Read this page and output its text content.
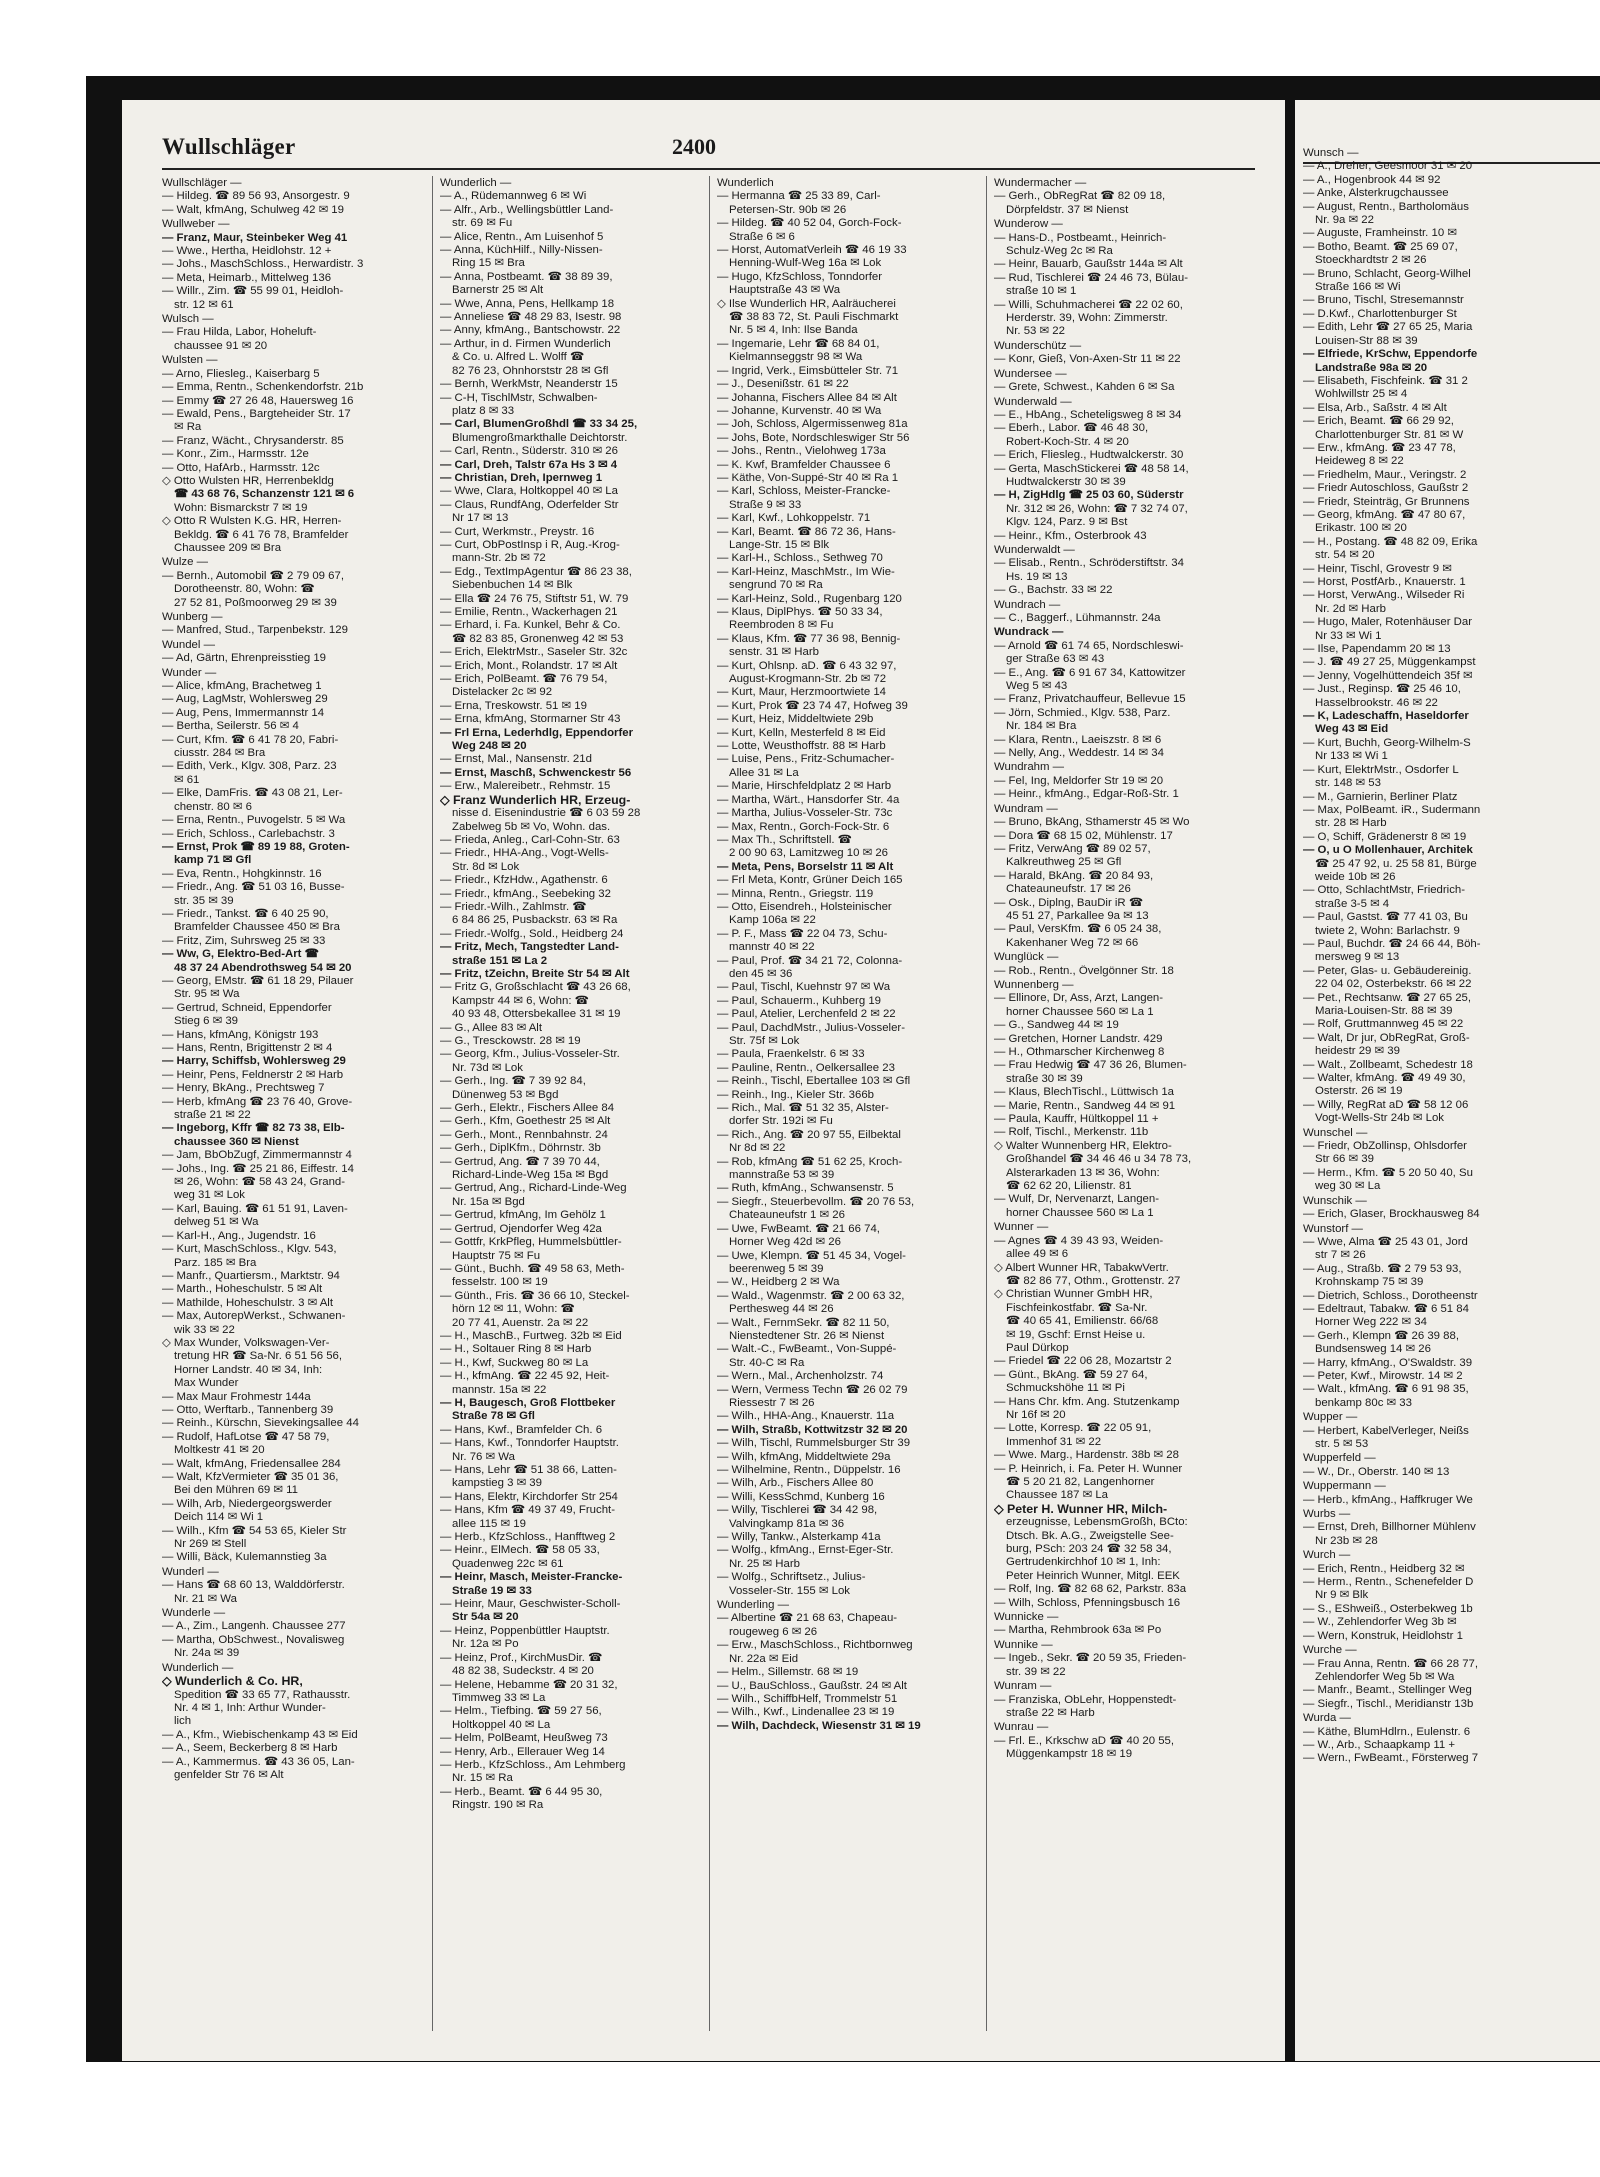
Wullschläger	2400
Wullschläger —
— Hildeg. ☎ 89 56 93, Ansorgestr. 9
— Walt, kfmAng, Schulweg 42 ✉ 19
Wullweber —
— Franz, Maur, Steinbeker Weg 41
— Wwe., Hertha, Heidlohstr. 12 +
— Johs., MaschSchloss., Herwardistr. 3
— Meta, Heimarb., Mittelweg 136
— Willr., Zim. ☎ 55 99 01, Heidloh-
str. 12 ✉ 61
Wulsch —
— Frau Hilda, Labor, Hoheluft-
chaussee 91 ✉ 20
Wulsten —
— Arno, Fliesleg., Kaiserbarg 5
— Emma, Rentn., Schenkendorfstr. 21b
— Emmy ☎ 27 26 48, Hauersweg 16
— Ewald, Pens., Bargteheider Str. 17
✉ Ra
— Franz, Wächt., Chrysanderstr. 85
— Konr., Zim., Harmsstr. 12e
— Otto, HafArb., Harmsstr. 12c
◇ Otto Wulsten HR, Herrenbekldg
☎ 43 68 76, Schanzenstr 121 ✉ 6
Wohn: Bismarckstr 7 ✉ 19
◇ Otto R Wulsten K.G. HR, Herren-
Bekldg. ☎ 6 41 76 78, Bramfelder
Chaussee 209 ✉ Bra
Wulze —
— Bernh., Automobil ☎ 2 79 09 67,
Dorotheenstr. 80, Wohn: ☎
27 52 81, Poßmoorweg 29 ✉ 39
Wunberg —
— Manfred, Stud., Tarpenbekstr. 129
Wundel —
— Ad, Gärtn, Ehrenpreisstieg 19
Wunder —
— Alice, kfmAng, Brachetweg 1
— Aug, LagMstr, Wohlersweg 29
— Aug, Pens, Immermannstr 14
— Bertha, Seilerstr. 56 ✉ 4
— Curt, Kfm. ☎ 6 41 78 20, Fabri-
ciusstr. 284 ✉ Bra
— Edith, Verk., Klgv. 308, Parz. 23
✉ 61
— Elke, DamFris. ☎ 43 08 21, Ler-
chenstr. 80 ✉ 6
— Erna, Rentn., Puvogelstr. 5 ✉ Wa
— Erich, Schloss., Carlebachstr. 3
— Ernst, Prok ☎ 89 19 88, Groten-
kamp 71 ✉ Gfl
— Eva, Rentn., Hohgkinnstr. 16
— Friedr., Ang. ☎ 51 03 16, Busse-
str. 35 ✉ 39
— Friedr., Tankst. ☎ 6 40 25 90,
Bramfelder Chaussee 450 ✉ Bra
— Fritz, Zim, Suhrsweg 25 ✉ 33
— Ww, G, Elektro-Bed-Art ☎
48 37 24 Abendrothsweg 54 ✉ 20
— Georg, EMstr. ☎ 61 18 29, Pilauer
Str. 95 ✉ Wa
— Gertrud, Schneid, Eppendorfer
Stieg 6 ✉ 39
— Hans, kfmAng, Königstr 193
— Hans, Rentn, Brigittenstr 2 ✉ 4
— Harry, Schiffsb, Wohlersweg 29
— Heinr, Pens, Feldnerstr 2 ✉ Harb
— Henry, BkAng., Prechtsweg 7
— Herb, kfmAng ☎ 23 76 40, Grove-
straße 21 ✉ 22
— Ingeborg, Kffr ☎ 82 73 38, Elb-
chaussee 360 ✉ Nienst
— Jam, BbObZugf, Zimmermannstr 4
— Johs., Ing. ☎ 25 21 86, Eiffestr. 14
✉ 26, Wohn: ☎ 58 43 24, Grand-
weg 31 ✉ Lok
— Karl, Bauing. ☎ 61 51 91, Laven-
delweg 51 ✉ Wa
— Karl-H., Ang., Jugendstr. 16
— Kurt, MaschSchloss., Klgv. 543,
Parz. 185 ✉ Bra
— Manfr., Quartiersm., Marktstr. 94
— Marth., Hoheschulstr. 5 ✉ Alt
— Mathilde, Hoheschulstr. 3 ✉ Alt
— Max, AutorepWerkst., Schwanen-
wik 33 ✉ 22
◇ Max Wunder, Volkswagen-Ver-
tretung HR ☎ Sa-Nr. 6 51 56 56,
Horner Landstr. 40 ✉ 34, Inh:
Max Wunder
— Max Maur Frohmestr 144a
— Otto, Werftarb., Tannenberg 39
— Reinh., Kürschn, Sievekingsallee 44
— Rudolf, HafLotse ☎ 47 58 79,
Moltkestr 41 ✉ 20
— Walt, kfmAng, Friedensallee 284
— Walt, KfzVermieter ☎ 35 01 36,
Bei den Mühren 69 ✉ 11
— Wilh, Arb, Niedergeorgswerder
Deich 114 ✉ Wi 1
— Wilh., Kfm ☎ 54 53 65, Kieler Str
Nr 269 ✉ Stell
— Willi, Bäck, Kulemannstieg 3a
Wunderl —
— Hans ☎ 68 60 13, Walddörferstr.
Nr. 21 ✉ Wa
Wunderle —
— A., Zim., Langenh. Chaussee 277
— Martha, ObSchwest., Novalisweg
Nr. 24a ✉ 39
Wunderlich —
◇ Wunderlich & Co. HR,
Spedition ☎ 33 65 77, Rathausstr.
Nr. 4 ✉ 1, Inh: Arthur Wunder-
lich
— A., Kfm., Wiebischenkamp 43 ✉ Eid
— A., Seem, Beckerberg 8 ✉ Harb
— A., Kammermus. ☎ 43 36 05, Lan-
genfelder Str 76 ✉ Alt
Wunderlich —
— A., Rüdemannweg 6 ✉ Wi
— Alfr., Arb., Wellingsbüttler Land-
str. 69 ✉ Fu
— Alice, Rentn., Am Luisenhof 5
— Anna, KüchHilf., Nilly-Nissen-
Ring 15 ✉ Bra
— Anna, Postbeamt. ☎ 38 89 39,
Barnerstr 25 ✉ Alt
— Wwe, Anna, Pens, Hellkamp 18
— Anneliese ☎ 48 29 83, Isestr. 98
— Anny, kfmAng., Bantschowstr. 22
— Arthur, in d. Firmen Wunderlich
& Co. u. Alfred L. Wolff ☎
82 76 23, Ohnhorststr 28 ✉ Gfl
— Bernh, WerkMstr, Neanderstr 15
— C-H, TischlMstr, Schwalben-
platz 8 ✉ 33
— Carl, BlumenGroßhdl ☎ 33 34 25,
Blumengroßmarkthalle Deichtorstr.
— Carl, Rentn., Süderstr. 310 ✉ 26
— Carl, Dreh, Talstr 67a Hs 3 ✉ 4
— Christian, Dreh, Ipernweg 1
— Wwe, Clara, Holtkoppel 40 ✉ La
— Claus, RundfAng, Oderfelder Str
Nr 17 ✉ 13
— Curt, Werkmstr., Preystr. 16
— Curt, ObPostInsp i R, Aug.-Krog-
mann-Str. 2b ✉ 72
— Edg., TextImpAgentur ☎ 86 23 38,
Siebenbuchen 14 ✉ Blk
— Ella ☎ 24 76 75, Stiftstr 51, W. 79
— Emilie, Rentn., Wackerhagen 21
— Erhard, i. Fa. Kunkel, Behr & Co.
☎ 82 83 85, Gronenweg 42 ✉ 53
— Erich, ElektrMstr., Saseler Str. 32c
— Erich, Mont., Rolandstr. 17 ✉ Alt
— Erich, PolBeamt. ☎ 76 79 54,
Distelacker 2c ✉ 92
— Erna, Treskowstr. 51 ✉ 19
— Erna, kfmAng, Stormarner Str 43
— Frl Erna, Lederhdlg, Eppendorfer
Weg 248 ✉ 20
— Ernst, Mal., Nansenstr. 21d
— Ernst, Maschß, Schwenckestr 56
— Erw., Malereibetr., Rehmstr. 15
◇ Franz Wunderlich HR, Erzeug-
nisse d. Eisenindustrie ☎ 6 03 59 28
Zabelweg 5b ✉ Vo, Wohn. das.
— Frieda, Anleg., Carl-Cohn-Str. 63
— Friedr., HHA-Ang., Vogt-Wells-
Str. 8d ✉ Lok
— Friedr., KfzHdw., Agathenstr. 6
— Friedr., kfmAng., Seebeking 32
— Friedr.-Wilh., Zahlmstr. ☎
6 84 86 25, Pusbackstr. 63 ✉ Ra
— Friedr.-Wolfg., Sold., Heidberg 24
— Fritz, Mech, Tangstedter Land-
straße 151 ✉ La 2
— Fritz, tZeichn, Breite Str 54 ✉ Alt
— Fritz G, Großschlacht ☎ 43 26 68,
Kampstr 44 ✉ 6, Wohn: ☎
40 93 48, Ottersbekallee 31 ✉ 19
— G., Allee 83 ✉ Alt
— G., Tresckowstr. 28 ✉ 19
— Georg, Kfm., Julius-Vosseler-Str.
Nr. 73d ✉ Lok
— Gerh., Ing. ☎ 7 39 92 84,
Dünenweg 53 ✉ Bgd
— Gerh., Elektr., Fischers Allee 84
— Gerh., Kfm, Goethestr 25 ✉ Alt
— Gerh., Mont., Rennbahnstr. 24
— Gerh., DiplKfm., Döhrnstr. 3b
— Gertrud, Ang. ☎ 7 39 70 44,
Richard-Linde-Weg 15a ✉ Bgd
— Gertrud, Ang., Richard-Linde-Weg
Nr. 15a ✉ Bgd
— Gertrud, kfmAng, Im Gehölz 1
— Gertrud, Ojendorfer Weg 42a
— Gottfr, KrkPfleg, Hummelsbüttler-
Hauptstr 75 ✉ Fu
— Günt., Buchh. ☎ 49 58 63, Meth-
fesselstr. 100 ✉ 19
— Günth., Fris. ☎ 36 66 10, Steckel-
hörn 12 ✉ 11, Wohn: ☎
20 77 41, Auenstr. 2a ✉ 22
— H., MaschB., Furtweg. 32b ✉ Eid
— H., Soltauer Ring 8 ✉ Harb
— H., Kwf, Suckweg 80 ✉ La
— H., kfmAng. ☎ 22 45 92, Heit-
mannstr. 15a ✉ 22
— H, Baugesch, Groß Flottbeker
Straße 78 ✉ Gfl
— Hans, Kwf., Bramfelder Ch. 6
— Hans, Kwf., Tonndorfer Hauptstr.
Nr. 76 ✉ Wa
— Hans, Lehr ☎ 51 38 66, Latten-
kampstieg 3 ✉ 39
— Hans, Elektr, Kirchdorfer Str 254
— Hans, Kfm ☎ 49 37 49, Frucht-
allee 115 ✉ 19
— Herb., KfzSchloss., Hanfftweg 2
— Heinr., ElMech. ☎ 58 05 33,
Quadenweg 22c ✉ 61
— Heinr, Masch, Meister-Francke-
Straße 19 ✉ 33
— Heinr, Maur, Geschwister-Scholl-
Str 54a ✉ 20
— Heinz, Poppenbüttler Hauptstr.
Nr. 12a ✉ Po
— Heinz, Prof., KirchMusDir. ☎
48 82 38, Sudeckstr. 4 ✉ 20
— Helene, Hebamme ☎ 20 31 32,
Timmweg 33 ✉ La
— Helm., Tiefbing. ☎ 59 27 56,
Holtkoppel 40 ✉ La
— Helm, PolBeamt, Heußweg 73
— Henry, Arb., Ellerauer Weg 14
— Herb., KfzSchloss., Am Lehmberg
Nr. 15 ✉ Ra
— Herb., Beamt. ☎ 6 44 95 30,
Ringstr. 190 ✉ Ra
Wunderlich
— Hermanna ☎ 25 33 89, Carl-
Petersen-Str. 90b ✉ 26
— Hildeg. ☎ 40 52 04, Gorch-Fock-
Straße 6 ✉ 6
— Horst, AutomatVerleih ☎ 46 19 33
Henning-Wulf-Weg 16a ✉ Lok
— Hugo, KfzSchloss, Tonndorfer
Hauptstraße 43 ✉ Wa
◇ Ilse Wunderlich HR, Aalräucherei
☎ 38 83 72, St. Pauli Fischmarkt
Nr. 5 ✉ 4, Inh: Ilse Banda
— Ingemarie, Lehr ☎ 68 84 01,
Kielmannseggstr 98 ✉ Wa
— Ingrid, Verk., Eimsbütteler Str. 71
— J., Desenißstr. 61 ✉ 22
— Johanna, Fischers Allee 84 ✉ Alt
— Johanne, Kurvenstr. 40 ✉ Wa
— Joh, Schloss, Algermissenweg 81a
— Johs, Bote, Nordschleswiger Str 56
— Johs., Rentn., Vielohweg 173a
— K. Kwf, Bramfelder Chaussee 6
— Käthe, Von-Suppé-Str 40 ✉ Ra 1
— Karl, Schloss, Meister-Francke-
Straße 9 ✉ 33
— Karl, Kwf., Lohkoppelstr. 71
— Karl, Beamt. ☎ 86 72 36, Hans-
Lange-Str. 15 ✉ Blk
— Karl-H., Schloss., Sethweg 70
— Karl-Heinz, MaschMstr., Im Wie-
sengrund 70 ✉ Ra
— Karl-Heinz, Sold., Rugenbarg 120
— Klaus, DiplPhys. ☎ 50 33 34,
Reembroden 8 ✉ Fu
— Klaus, Kfm. ☎ 77 36 98, Bennig-
senstr. 31 ✉ Harb
— Kurt, Ohlsnp. aD. ☎ 6 43 32 97,
August-Krogmann-Str. 2b ✉ 72
— Kurt, Maur, Herzmoortwiete 14
— Kurt, Prok ☎ 23 74 47, Hofweg 39
— Kurt, Heiz, Middeltwiete 29b
— Kurt, Kelln, Mesterfeld 8 ✉ Eid
— Lotte, Weusthoffstr. 88 ✉ Harb
— Luise, Pens., Fritz-Schumacher-
Allee 31 ✉ La
— Marie, Hirschfeldplatz 2 ✉ Harb
— Martha, Wärt., Hansdorfer Str. 4a
— Martha, Julius-Vosseler-Str. 73c
— Max, Rentn., Gorch-Fock-Str. 6
— Max Th., Schriftstell. ☎
2 00 90 63, Lamitzweg 10 ✉ 26
— Meta, Pens, Borselstr 11 ✉ Alt
— Frl Meta, Kontr, Grüner Deich 165
— Minna, Rentn., Griegstr. 119
— Otto, Eisendreh., Holsteinischer
Kamp 106a ✉ 22
— P. F., Mass ☎ 22 04 73, Schu-
mannstr 40 ✉ 22
— Paul, Prof. ☎ 34 21 72, Colonna-
den 45 ✉ 36
— Paul, Tischl, Kuehnstr 97 ✉ Wa
— Paul, Schauerm., Kuhberg 19
— Paul, Atelier, Lerchenfeld 2 ✉ 22
— Paul, DachdMstr., Julius-Vosseler-
Str. 75f ✉ Lok
— Paula, Fraenkelstr. 6 ✉ 33
— Pauline, Rentn., Oelkersallee 23
— Reinh., Tischl, Ebertallee 103 ✉ Gfl
— Reinh., Ing., Kieler Str. 366b
— Rich., Mal. ☎ 51 32 35, Alster-
dorfer Str. 192i ✉ Fu
— Rich., Ang. ☎ 20 97 55, Eilbektal
Nr 8d ✉ 22
— Rob, kfmAng ☎ 51 62 25, Kroch-
mannstraße 53 ✉ 39
— Ruth, kfmAng., Schwansenstr. 5
— Siegfr., Steuerbevollm. ☎ 20 76 53,
Chateauneufstr 1 ✉ 26
— Uwe, FwBeamt. ☎ 21 66 74,
Horner Weg 42d ✉ 26
— Uwe, Klempn. ☎ 51 45 34, Vogel-
beerenweg 5 ✉ 39
— W., Heidberg 2 ✉ Wa
— Wald., Wagenmstr. ☎ 2 00 63 32,
Perthesweg 44 ✉ 26
— Walt., FernmSekr. ☎ 82 11 50,
Nienstedtener Str. 26 ✉ Nienst
— Walt.-C., FwBeamt., Von-Suppé-
Str. 40-C ✉ Ra
— Wern., Mal., Archenholzstr. 74
— Wern, Vermess Techn ☎ 26 02 79
Riessestr 7 ✉ 26
— Wilh., HHA-Ang., Knauerstr. 11a
— Wilh, Straßb, Kottwitzstr 32 ✉ 20
— Wilh, Tischl, Rummelsburger Str 39
— Wilh, kfmAng, Middeltwiete 29a
— Wilhelmine, Rentn., Düppelstr. 16
— Wilh, Arb., Fischers Allee 80
— Willi, KessSchmd, Kunberg 16
— Willy, Tischlerei ☎ 34 42 98,
Valvingkamp 81a ✉ 36
— Willy, Tankw., Alsterkamp 41a
— Wolfg., kfmAng., Ernst-Eger-Str.
Nr. 25 ✉ Harb
— Wolfg., Schriftsetz., Julius-
Vosseler-Str. 155 ✉ Lok
Wunderling —
— Albertine ☎ 21 68 63, Chapeau-
rougeweg 6 ✉ 26
— Erw., MaschSchloss., Richtbornweg
Nr. 22a ✉ Eid
— Helm., Sillemstr. 68 ✉ 19
— U., BauSchloss., Gaußstr. 24 ✉ Alt
— Wilh., SchiffbHelf, Trommelstr 51
— Wilh., Kwf., Lindenallee 23 ✉ 19
— Wilh, Dachdeck, Wiesenstr 31 ✉ 19
Wundermacher —
— Gerh., ObRegRat ☎ 82 09 18,
Dörpfeldstr. 37 ✉ Nienst
Wunderow —
— Hans-D., Postbeamt., Heinrich-
Schulz-Weg 2c ✉ Ra
— Heinr, Bauarb, Gaußstr 144a ✉ Alt
— Rud, Tischlerei ☎ 24 46 73, Bülau-
straße 10 ✉ 1
— Willi, Schuhmacherei ☎ 22 02 60,
Herderstr. 39, Wohn: Zimmerstr.
Nr. 53 ✉ 22
Wunderschütz —
— Konr, Gieß, Von-Axen-Str 11 ✉ 22
Wundersee —
— Grete, Schwest., Kahden 6 ✉ Sa
Wunderwald —
— E., HbAng., Scheteligsweg 8 ✉ 34
— Eberh., Labor. ☎ 46 48 30,
Robert-Koch-Str. 4 ✉ 20
— Erich, Fliesleg., Hudtwalckerstr. 30
— Gerta, MaschStickerei ☎ 48 58 14,
Hudtwalckerstr 30 ✉ 39
— H, ZigHdlg ☎ 25 03 60, Süderstr
Nr. 312 ✉ 26, Wohn: ☎ 7 32 74 07,
Klgv. 124, Parz. 9 ✉ Bst
— Heinr., Kfm., Osterbrook 43
Wunderwaldt —
— Elisab., Rentn., Schröderstiftstr. 34
Hs. 19 ✉ 13
— G., Bachstr. 33 ✉ 22
Wundrach —
— C., Baggerf., Lühmannstr. 24a
Wundrack —
— Arnold ☎ 61 74 65, Nordschleswi-
ger Straße 63 ✉ 43
— E., Ang. ☎ 6 91 67 34, Kattowitzer
Weg 5 ✉ 43
— Franz, Privatchauffeur, Bellevue 15
— Jörn, Schmied., Klgv. 538, Parz.
Nr. 184 ✉ Bra
— Klara, Rentn., Laeiszstr. 8 ✉ 6
— Nelly, Ang., Weddestr. 14 ✉ 34
Wundrahm —
— Fel, Ing, Meldorfer Str 19 ✉ 20
— Heinr., kfmAng., Edgar-Roß-Str. 1
Wundram —
— Bruno, BkAng, Sthamerstr 45 ✉ Wo
— Dora ☎ 68 15 02, Mühlenstr. 17
— Fritz, VerwAng ☎ 89 02 57,
Kalkreuthweg 25 ✉ Gfl
— Harald, BkAng. ☎ 20 84 93,
Chateauneufstr. 17 ✉ 26
— Osk., Diplng, BauDir iR ☎
45 51 27, Parkallee 9a ✉ 13
— Paul, VersKfm. ☎ 6 05 24 38,
Kakenhaner Weg 72 ✉ 66
Wunglück —
— Rob., Rentn., Övelgönner Str. 18
Wunnenberg —
— Ellinore, Dr, Ass, Arzt, Langen-
horner Chaussee 560 ✉ La 1
— G., Sandweg 44 ✉ 19
— Gretchen, Horner Landstr. 429
— H., Othmarscher Kirchenweg 8
— Frau Hedwig ☎ 47 36 26, Blumen-
straße 30 ✉ 39
— Klaus, BlechTischl., Lüttwisch 1a
— Marie, Rentn., Sandweg 44 ✉ 91
— Paula, Kauffr, Hültkoppel 11 +
— Rolf, Tischl., Merkenstr. 11b
◇ Walter Wunnenberg HR, Elektro-
Großhandel ☎ 34 46 46 u 34 78 73,
Alsterarkaden 13 ✉ 36, Wohn:
☎ 62 62 20, Lilienstr. 81
— Wulf, Dr, Nervenarzt, Langen-
horner Chaussee 560 ✉ La 1
Wunner —
— Agnes ☎ 4 39 43 93, Weiden-
allee 49 ✉ 6
◇ Albert Wunner HR, TabakwVertr.
☎ 82 86 77, Othm., Grottenstr. 27
◇ Christian Wunner GmbH HR,
Fischfeinkostfabr. ☎ Sa-Nr.
☎ 40 65 41, Emilienstr. 66/68
✉ 19, Gschf: Ernst Heise u.
Paul Dürkop
— Friedel ☎ 22 06 28, Mozartstr 2
— Günt., BkAng. ☎ 59 27 64,
Schmuckshöhe 11 ✉ Pi
— Hans Chr. kfm. Ang. Stutzenkamp
Nr 16f ✉ 20
— Lotte, Korresp. ☎ 22 05 91,
Immenhof 31 ✉ 22
— Wwe. Marg., Hardenstr. 38b ✉ 28
— P. Heinrich, i. Fa. Peter H. Wunner
☎ 5 20 21 82, Langenhorner
Chaussee 187 ✉ La
◇ Peter H. Wunner HR, Milch-
erzeugnisse, LebensmGroßh, BCto:
Dtsch. Bk. A.G., Zweigstelle See-
burg, PSch: 203 24 ☎ 32 58 34,
Gertrudenkirchhof 10 ✉ 1, Inh:
Peter Heinrich Wunner, Mitgl. EEK
— Rolf, Ing. ☎ 82 68 62, Parkstr. 83a
— Wilh, Schloss, Pfenningsbusch 16
Wunnicke —
— Martha, Rehmbrook 63a ✉ Po
Wunnike —
— Ingeb., Sekr. ☎ 20 59 35, Frieden-
str. 39 ✉ 22
Wunram —
— Franziska, ObLehr, Hoppenstedt-
straße 22 ✉ Harb
Wunrau —
— Frl. E., Krkschw aD ☎ 40 20 55,
Müggenkampstr 18 ✉ 19
Wunsch —
— A., Dreher, Geesmoor 31 ✉ 20
— A., Hogenbrook 44 ✉ 92
— Anke, Alsterkrugchaussee
— August, Rentn., Bartholomäus
Nr. 9a ✉ 22
— Auguste, Framheinstr. 10 ✉
— Botho, Beamt. ☎ 25 69 07,
Stoeckhardtstr 2 ✉ 26
— Bruno, Schlacht, Georg-Wilhel
Straße 166 ✉ Wi
— Bruno, Tischl, Stresemannstr
— D.Kwf., Charlottenburger St
— Edith, Lehr ☎ 27 65 25, Maria
Louisen-Str 88 ✉ 39
— Elfriede, KrSchw, Eppendorfe
Landstraße 98a ✉ 20
— Elisabeth, Fischfeink. ☎ 31 2
Wohlwillstr 25 ✉ 4
— Elsa, Arb., Saßstr. 4 ✉ Alt
— Erich, Beamt. ☎ 66 29 92,
Charlottenburger Str. 81 ✉ W
— Erw., kfmAng. ☎ 23 47 78,
Heideweg 8 ✉ 22
— Friedhelm, Maur., Veringstr. 2
— Friedr Autoschloss, Gaußstr 2
— Friedr, Steinträg, Gr Brunnens
— Georg, kfmAng. ☎ 47 80 67,
Erikastr. 100 ✉ 20
— H., Postang. ☎ 48 82 09, Erika
str. 54 ✉ 20
— Heinr, Tischl, Grovestr 9 ✉
— Horst, PostfArb., Knauerstr. 1
— Horst, VerwAng., Wilseder Ri
Nr. 2d ✉ Harb
— Hugo, Maler, Rotenhäuser Dar
Nr 33 ✉ Wi 1
— Ilse, Papendamm 20 ✉ 13
— J. ☎ 49 27 25, Müggenkampst
— Jenny, Vogelhüttendeich 35f ✉
— Just., Reginsp. ☎ 25 46 10,
Hasselbrookstr. 46 ✉ 22
— K, Ladeschaffn, Haseldorfer
Weg 43 ✉ Eid
— Kurt, Buchh, Georg-Wilhelm-S
Nr 133 ✉ Wi 1
— Kurt, ElektrMstr., Osdorfer L
str. 148 ✉ 53
— M., Garnierin, Berliner Platz
— Max, PolBeamt. iR., Sudermann
str. 28 ✉ Harb
— O, Schiff, Grädenerstr 8 ✉ 19
— O, u O Mollenhauer, Architek
☎ 25 47 92, u. 25 58 81, Bürge
weide 10b ✉ 26
— Otto, SchlachtMstr, Friedrich-
straße 3-5 ✉ 4
— Paul, Gastst. ☎ 77 41 03, Bu
twiete 2, Wohn: Barlachstr. 9
— Paul, Buchdr. ☎ 24 66 44, Böh-
mersweg 9 ✉ 13
— Peter, Glas- u. Gebäudereinig.
22 04 02, Osterbekstr. 66 ✉ 22
— Pet., Rechtsanw. ☎ 27 65 25,
Maria-Louisen-Str. 88 ✉ 39
— Rolf, Gruttmannweg 45 ✉ 22
— Walt, Dr jur, ObRegRat, Groß-
heidestr 29 ✉ 39
— Walt., Zollbeamt, Schedestr 18
— Walter, kfmAng. ☎ 49 49 30,
Osterstr. 26 ✉ 19
— Willy, RegRat aD ☎ 58 12 06
Vogt-Wells-Str 24b ✉ Lok
Wunschel —
— Friedr, ObZollinsp, Ohlsdorfer
Str 66 ✉ 39
— Herm., Kfm. ☎ 5 20 50 40, Su
weg 30 ✉ La
Wunschik —
— Erich, Glaser, Brockhausweg 84
Wunstorf —
— Wwe, Alma ☎ 25 43 01, Jord
str 7 ✉ 26
— Aug., Straßb. ☎ 2 79 53 93,
Krohnskamp 75 ✉ 39
— Dietrich, Schloss., Dorotheenstr
— Edeltraut, Tabakw. ☎ 6 51 84
Horner Weg 222 ✉ 34
— Gerh., Klempn ☎ 26 39 88,
Bundsensweg 14 ✉ 26
— Harry, kfmAng., O'Swaldstr. 39
— Peter, Kwf., Mirowstr. 14 ✉ 2
— Walt., kfmAng. ☎ 6 91 98 35,
benkamp 80c ✉ 33
Wupper —
— Herbert, KabelVerleger, Neißs
str. 5 ✉ 53
Wupperfeld —
— W., Dr., Oberstr. 140 ✉ 13
Wuppermann —
— Herb., kfmAng., Haffkruger We
Wurbs —
— Ernst, Dreh, Billhorner Mühlenv
Nr 23b ✉ 28
Wurch —
— Erich, Rentn., Heidberg 32 ✉
— Herm., Rentn., Schenefelder D
Nr 9 ✉ Blk
— S., EShweiß., Osterbekweg 1b
— W., Zehlendorfer Weg 3b ✉
— Wern, Konstruk, Heidlohstr 1
Wurche —
— Frau Anna, Rentn. ☎ 66 28 77,
Zehlendorfer Weg 5b ✉ Wa
— Manfr., Beamt., Stellinger Weg
— Siegfr., Tischl., Meridianstr 13b
Wurda —
— Käthe, BlumHdlrn., Eulenstr. 6
— W., Arb., Schaapkamp 11 +
— Wern., FwBeamt., Försterweg 7
